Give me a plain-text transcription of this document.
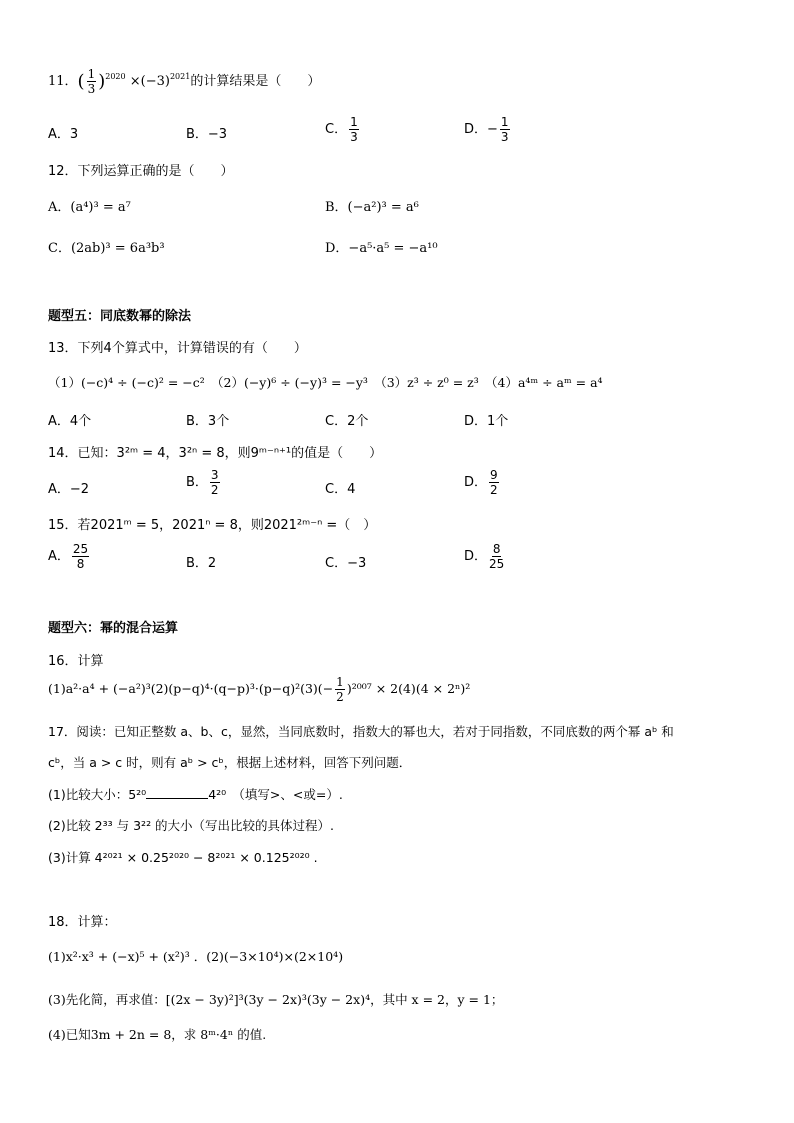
11．( $\frac{1}{3} )^{2020} \times(-3)^{2021}$的计算结果是（　　）
A．3	B．−3	C． $\frac{1}{3}$	D．− $\frac{1}{3}$
12．下列运算正确的是（　　）
A．(a⁴)³ = a⁷	B．(−a²)³ = a⁶
C．(2ab)³ = 6a³b³	D．−a⁵·a⁵ = −a¹⁰
题型五：同底数幂的除法
13．下列4个算式中，计算错误的有（　　）
（1）(−c)⁴ ÷ (−c)² = −c²　（2）(−y)⁶ ÷ (−y)³ = −y³　（3）z³ ÷ z⁰ = z³　（4）a⁴ᵐ ÷ aᵐ = a⁴
A．4个	B．3个	C．2个	D．1个
14．已知：3²ᵐ = 4，3²ⁿ = 8，则9ᵐ⁻ⁿ⁺¹的值是（　　）
A．−2	B． $\frac{3}{2}$	C．4	D． $\frac{9}{2}$
15．若2021ᵐ = 5，2021ⁿ = 8，则2021²ᵐ⁻ⁿ =（　）
A． $\frac{25}{8}$	B．2	C．−3	D． $\frac{8}{25}$
题型六：幂的混合运算
16．计算
$(1)a^2\cdot a^4 + (-a^2)^3(2)(p-q)^4\cdot(q-p)^3\cdot(p-q)^2(3)(- \frac{1}{2} )^{2007} \times 2(4)(4 \times 2^n)^2$
17．阅读：已知正整数 a、b、c，显然，当同底数时，指数大的幂也大，若对于同指数，不同底数的两个幂 aᵇ 和
cᵇ，当 a > c 时，则有 aᵇ > cᵇ，根据上述材料，回答下列问题．
(1)比较大小：5²⁰	4²⁰　（填写>、<或=）.
(2)比较 2³³ 与 3²² 的大小（写出比较的具体过程）.
(3)计算 4²⁰²¹ × 0.25²⁰²⁰ − 8²⁰²¹ × 0.125²⁰²⁰ .
18．计算：
(1)x²·x³ + (−x)⁵ + (x²)³ ．(2)(−3×10⁴)×(2×10⁴)
(3)先化简，再求值：[(2x − 3y)²]³(3y − 2x)³(3y − 2x)⁴，其中 x = 2，y = 1；
(4)已知3m + 2n = 8，求 8ᵐ·4ⁿ 的值.
